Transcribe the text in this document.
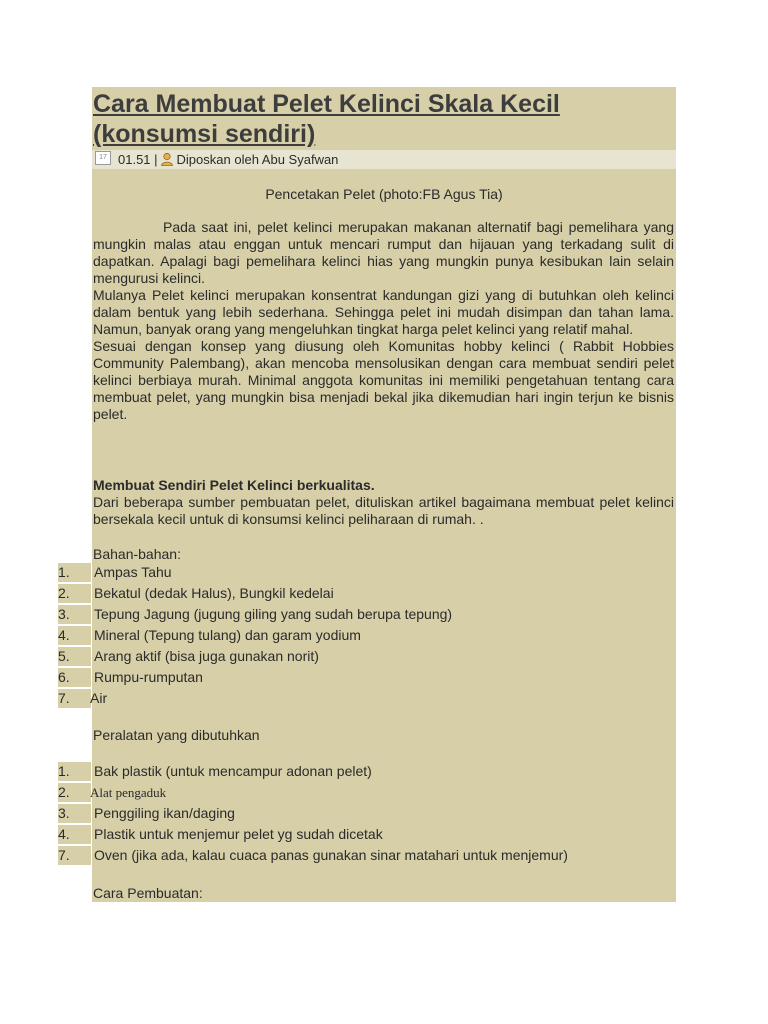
Cara Membuat Pelet Kelinci Skala Kecil (konsumsi sendiri)
17 01.51 | Diposkan oleh Abu Syafwan
Pencetakan Pelet (photo:FB Agus Tia)

Pada saat ini, pelet kelinci merupakan makanan alternatif bagi pemelihara yang mungkin malas atau enggan untuk mencari rumput dan hijauan yang terkadang sulit di dapatkan. Apalagi bagi pemelihara kelinci hias yang mungkin punya kesibukan lain selain mengurusi kelinci.

Mulanya Pelet kelinci merupakan konsentrat kandungan gizi yang di butuhkan oleh kelinci dalam bentuk yang lebih sederhana. Sehingga pelet ini mudah disimpan dan tahan lama. Namun, banyak orang yang mengeluhkan tingkat harga pelet kelinci yang relatif mahal.

Sesuai dengan konsep yang diusung oleh Komunitas hobby kelinci ( Rabbit Hobbies Community Palembang), akan mencoba mensolusikan dengan cara membuat sendiri pelet kelinci berbiaya murah. Minimal anggota komunitas ini memiliki pengetahuan tentang cara membuat pelet, yang mungkin bisa menjadi bekal jika dikemudian hari ingin terjun ke bisnis pelet.

Membuat Sendiri Pelet Kelinci berkualitas.
Dari beberapa sumber pembuatan pelet, dituliskan artikel bagaimana membuat pelet kelinci bersekala kecil untuk di konsumsi kelinci peliharaan di rumah. .
Bahan-bahan:
1. Ampas Tahu
2. Bekatul (dedak Halus), Bungkil kedelai
3. Tepung Jagung (jugung giling yang sudah berupa tepung)
4. Mineral (Tepung tulang) dan garam yodium
5. Arang aktif (bisa juga gunakan norit)
6. Rumpu-rumputan
7. Air
Peralatan yang dibutuhkan
1. Bak plastik (untuk mencampur adonan pelet)
2. Alat pengaduk
3. Penggiling ikan/daging
4. Plastik untuk menjemur pelet yg sudah dicetak
7. Oven (jika ada, kalau cuaca panas gunakan sinar matahari untuk menjemur)
Cara Pembuatan:
